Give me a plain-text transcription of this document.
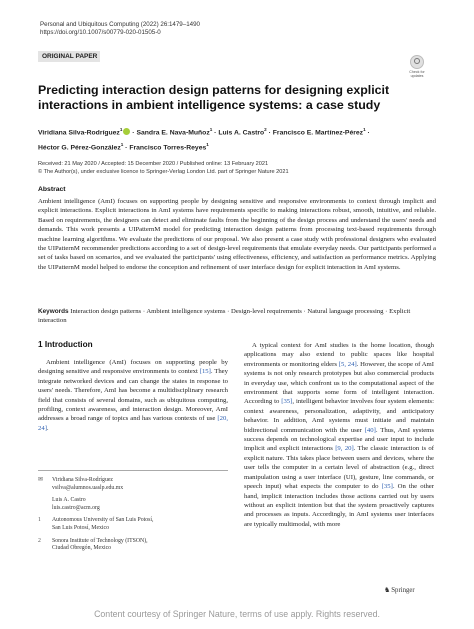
Personal and Ubiquitous Computing (2022) 26:1479–1490
https://doi.org/10.1007/s00779-020-01505-0
ORIGINAL PAPER
Check for updates
Predicting interaction design patterns for designing explicit
interactions in ambient intelligence systems: a case study
Viridiana Silva-Rodríguez$^1$ · Sandra E. Nava-Muñoz$^1$ · Luis A. Castro$^2$ · Francisco E. Martínez-Pérez$^1$ ·
Héctor G. Pérez-González$^1$ · Francisco Torres-Reyes$^1$
Received: 21 May 2020 / Accepted: 15 December 2020 / Published online: 13 February 2021
© The Author(s), under exclusive licence to Springer-Verlag London Ltd. part of Springer Nature 2021
Abstract
Ambient intelligence (AmI) focuses on supporting people by designing sensitive and responsive environments to context through implicit and explicit interactions. Explicit interactions in AmI systems have requirements specific to making interactions robust, smooth, intuitive, and reliable. Based on requirements, the designers can detect and eliminate faults from the beginning of the design process and understand the users' needs and demands. This work presents a UIPatternM model for predicting interaction design patterns from processing text-based requirements through machine learning algorithms. We evaluate the predictions of our proposal. We also present a case study with professional designers who evaluated the UIPatternM recommender predictions according to a set of design-level requirements that emulate everyday needs. Our participants performed a set of tasks based on scenarios, and we evaluated the participants' using effectiveness, efficiency, and satisfaction as performance metrics. Applying the UIPatternM model helped to endorse the conception and refinement of user interface design for explicit interaction in AmI systems.
Keywords Interaction design patterns · Ambient intelligence systems · Design-level requirements · Natural language processing · Explicit interaction
1 Introduction

Ambient intelligence (AmI) focuses on supporting people by designing sensitive and responsive environments to context [15]. They integrate networked devices and can change the states in response to users' needs. Therefore, AmI has become a multidisciplinary research field that consists of several domains, such as ubiquitous computing, profiling, context awareness, and interaction design. Moreover, AmI addresses a broad range of topics and has various contexts of use [20, 24].

A typical context for AmI studies is the home location, though applications may also extend to public spaces like hospital environments or monitoring elders [5, 24]. However, the scope of AmI systems is not only research prototypes but also commercial products in everyday use, which confront us to the computational aspect of the environment that supports some form of intelligent interaction. According to [35], intelligent behavior involves four system elements: context awareness, personalization, adaptivity, and anticipatory behavior. In addition, AmI systems must initiate and maintain bidirectional communication with the user [40]. Thus, AmI systems success depends on technological expertise and user input to include implicit and explicit interactions [9, 20]. The classic interaction is of explicit nature. This takes place between users and devices, where the user tells the computer in a certain level of abstraction (e.g., direct manipulation using a user interface (UI), gesture, line commands, or speech input) what expects the computer to do [35]. On the other hand, implicit interaction includes those actions carried out by users without an explicit intention but that the system proactively captures and processes as inputs. Accordingly, in AmI systems user interfaces are typically multimodal, with more

✉	Viridiana Silva-Rodríguez
vsilva@alumnos.uaslp.edu.mx
Luis A. Castro
luis.castro@acm.org
1	Autonomous University of San Luis Potosí,
San Luis Potosí, Mexico
2	Sonora Institute of Technology (ITSON),
Ciudad Obregón, Mexico
♞Springer
Content courtesy of Springer Nature, terms of use apply. Rights reserved.
